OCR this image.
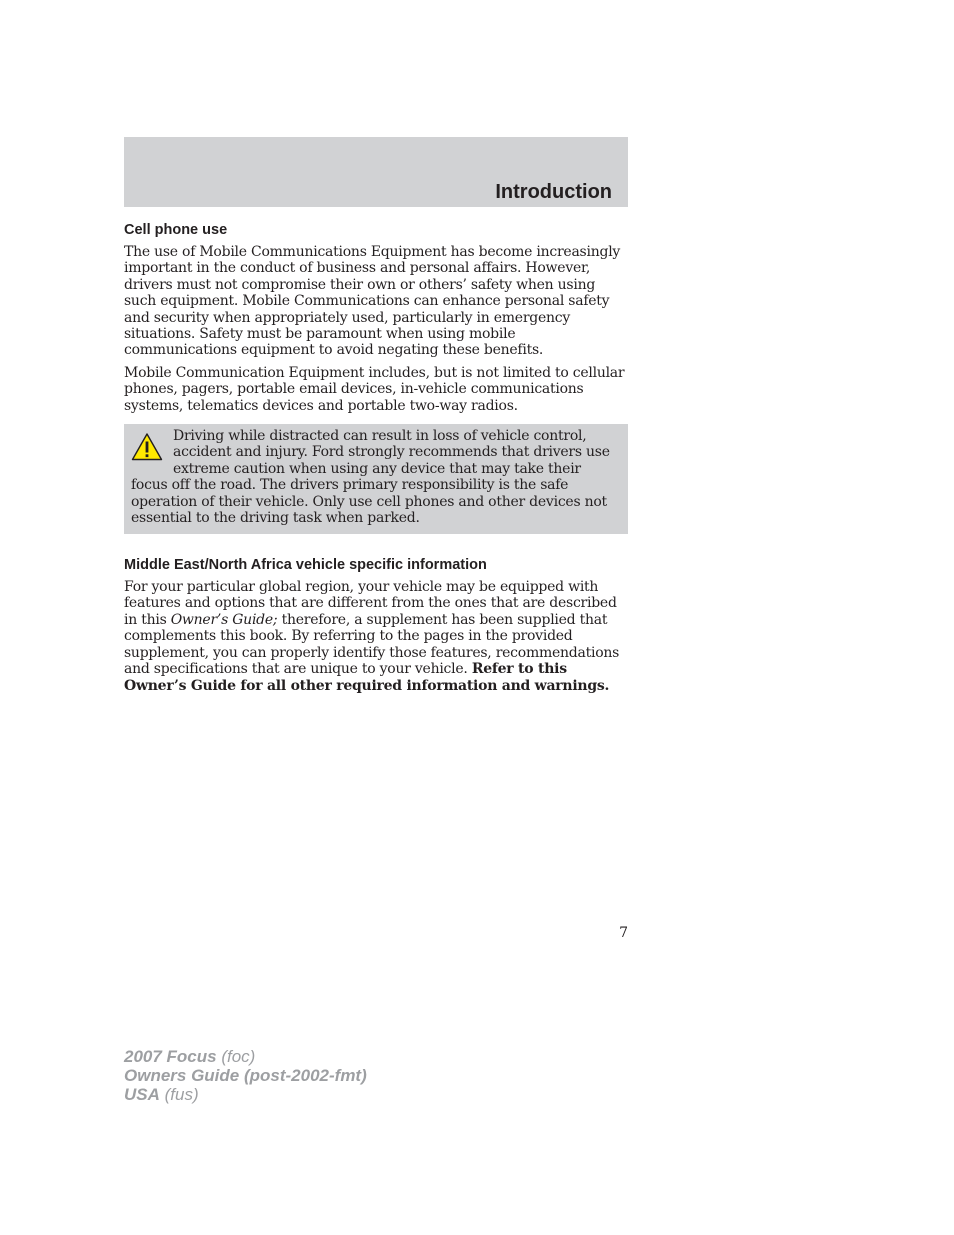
Introduction
Cell phone use

The use of Mobile Communications Equipment has become increasingly important in the conduct of business and personal affairs. However, drivers must not compromise their own or others’ safety when using such equipment. Mobile Communications can enhance personal safety and security when appropriately used, particularly in emergency situations. Safety must be paramount when using mobile communications equipment to avoid negating these benefits.

Mobile Communication Equipment includes, but is not limited to cellular phones, pagers, portable email devices, in-vehicle communications systems, telematics devices and portable two-way radios.

Driving while distracted can result in loss of vehicle control, accident and injury. Ford strongly recommends that drivers use extreme caution when using any device that may take their focus off the road. The drivers primary responsibility is the safe operation of their vehicle. Only use cell phones and other devices not essential to the driving task when parked.
Middle East/North Africa vehicle specific information

For your particular global region, your vehicle may be equipped with features and options that are different from the ones that are described in this Owner’s Guide; therefore, a supplement has been supplied that complements this book. By referring to the pages in the provided supplement, you can properly identify those features, recommendations and specifications that are unique to your vehicle. Refer to this Owner’s Guide for all other required information and warnings.

7

2007 Focus (foc)
Owners Guide (post-2002-fmt)
USA (fus)
